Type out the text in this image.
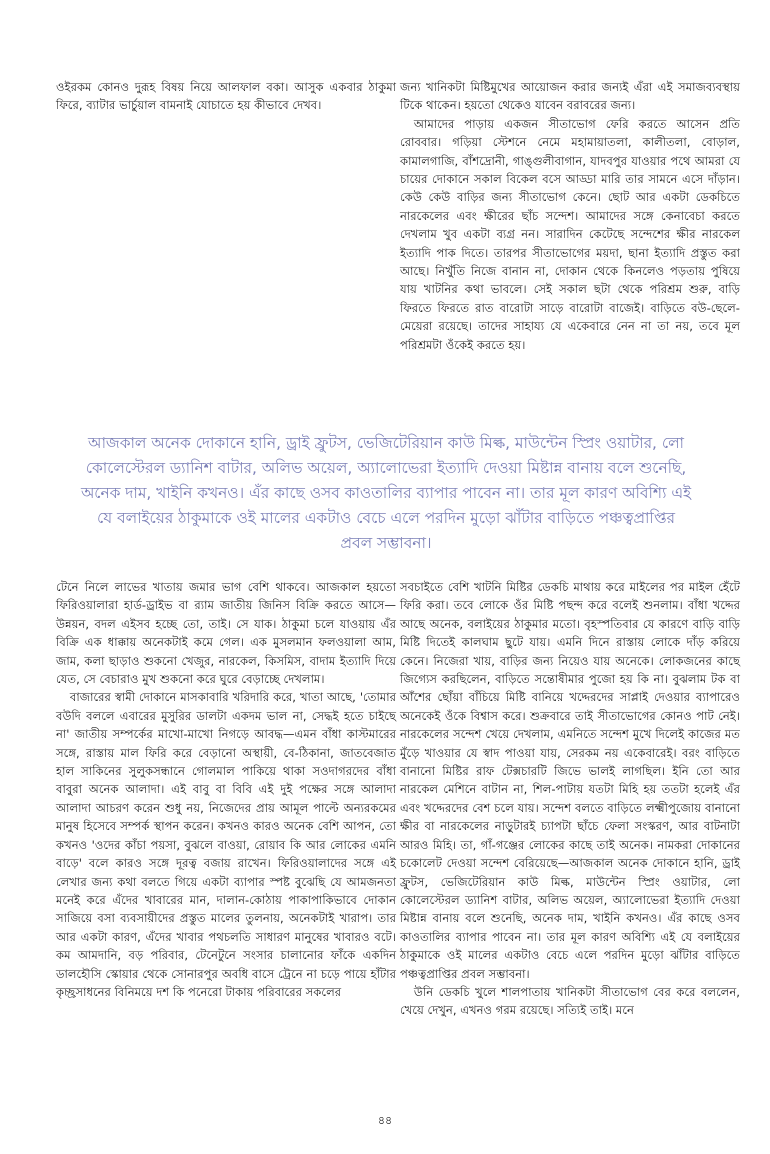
ওইরকম কোনও দুরূহ বিষয় নিয়ে আলফাল বকা। আসুক একবার ঠাকুমা ফিরে, ব্যাটার ভার্চুয়াল বামনাই যোচাতে হয় কীভাবে দেখব।

জন্য খানিকটা মিষ্টিমুখের আয়োজন করার জন্যই এঁরা এই সমাজব্যবস্থায় টিকে থাকেন। হয়তো থেকেও যাবেন বরাবরের জন্য।

আমাদের পাড়ায় একজন সীতাভোগ ফেরি করতে আসেন প্রতি রোববার। গড়িয়া স্টেশনে নেমে মহামায়াতলা, কালীতলা, বোড়াল, কামালগাজি, বাঁশদ্রোনী, গাঙ্গুলীবাগান, যাদবপুর যাওয়ার পথে আমরা যে চায়ের দোকানে সকাল বিকেল বসে আড্ডা মারি তার সামনে এসে দাঁড়ান। কেউ কেউ বাড়ির জন্য সীতাভোগ কেনে। ছোট আর একটা ডেকচিতে নারকেলের এবং ক্ষীরের ছাঁচ সন্দেশ। আমাদের সঙ্গে কেনাবেচা করতে দেখলাম খুব একটা ব্যগ্র নন। সারাদিন কেটেছে সন্দেশের ক্ষীর নারকেল ইত্যাদি পাক দিতে। তারপর সীতাভোগের ময়দা, ছানা ইত্যাদি প্রস্তুত করা আছে। নিখুঁতি নিজে বানান না, দোকান থেকে কিনলেও পড়তায় পুষিয়ে যায় খাটনির কথা ভাবলে। সেই সকাল ছটা থেকে পরিশ্রম শুরু, বাড়ি ফিরতে ফিরতে রাত বারোটা সাড়ে বারোটা বাজেই। বাড়িতে বউ-ছেলে-মেয়েরা রয়েছে। তাদের সাহায্য যে একেবারে নেন না তা নয়, তবে মূল পরিশ্রমটা ওঁকেই করতে হয়।

আজকাল অনেক দোকানে হানি, ড্রাই ফ্রুটস, ভেজিটেরিয়ান কাউ মিল্ক, মাউন্টেন স্প্রিং ওয়াটার, লো কোলেস্টেরল ড্যানিশ বাটার, অলিভ অয়েল, অ্যালোভেরা ইত্যাদি দেওয়া মিষ্টান্ন বানায় বলে শুনেছি, অনেক দাম, খাইনি কখনও। এঁর কাছে ওসব কাওতালির ব্যাপার পাবেন না। তার মূল কারণ অবিশ্যি এই যে বলাইয়ের ঠাকুমাকে ওই মালের একটাও বেচে এলে পরদিন মুড়ো ঝাঁটার বাড়িতে পঞ্চত্বপ্রাপ্তির প্রবল সম্ভাবনা।

টেনে নিলে লাভের খাতায় জমার ভাগ বেশি থাকবে। আজকাল হয়তো ফিরিওয়ালারা হার্ড-ড্রাইভ বা র‍্যাম জাতীয় জিনিস বিক্রি করতে আসে—উন্নয়ন, বদল এইসব হচ্ছে তো, তাই। সে যাক। ঠাকুমা চলে যাওয়ায় এঁর বিক্রি এক ধাক্কায় অনেকটাই কমে গেল। এক মুসলমান ফলওয়ালা আম, জাম, কলা ছাড়াও শুকনো খেজুর, নারকেল, কিসমিস, বাদাম ইত্যাদি দিয়ে যেত, সে বেচারাও মুখ শুকনো করে ঘুরে বেড়াচ্ছে দেখলাম।

বাজারের স্বামী দোকানে মাসকাবারি খরিদারি করে, খাতা আছে, 'তোমার বউদি বললে এবারের মুসুরির ডালটা একদম ভাল না, সেদ্ধই হতে চাইছে না' জাতীয় সম্পর্কের মাখো-মাখো নিগড়ে আবদ্ধ—এমন বাঁধা কাস্টমারের সঙ্গে, রাস্তায় মাল ফিরি করে বেড়ানো অস্থায়ী, বে-ঠিকানা, জাতবেজাত হাল সাকিনের সুলুকসন্ধানে গোলমাল পাকিয়ে থাকা সওদাগরদের বাঁধা বাবুরা অনেক আলাদা। এই বাবু বা বিবি এই দুই পক্ষের সঙ্গে আলাদা আলাদা আচরণ করেন শুধু নয়, নিজেদের প্রায় আমূল পাল্টে অন্যরকমের মানুষ হিসেবে সম্পর্ক স্থাপন করেন। কখনও কারও অনেক বেশি আপন, তো কখনও 'ওদের কাঁচা পয়সা, বুঝলে বাওয়া, রোয়াব কি আর লোকের এমনি বাড়ে' বলে কারও সঙ্গে দূরত্ব বজায় রাখেন। ফিরিওয়ালাদের সঙ্গে এই লেখার জন্য কথা বলতে গিয়ে একটা ব্যাপার স্পষ্ট বুঝেছি যে আমজনতা মনেই করে এঁদের খাবারের মান, দালান-কোঠায় পাকাপাকিভাবে দোকান সাজিয়ে বসা ব্যবসায়ীদের প্রস্তুত মালের তুলনায়, অনেকটাই খারাপ। তার আর একটা কারণ, এঁদের খাবার পথচলতি সাধারণ মানুষের খাবারও বটে। কম আমদানি, বড় পরিবার, টেনেটুনে সংসার চালানোর ফাঁকে একদিন ডালহৌসি স্কোয়ার থেকে সোনারপুর অবধি বাসে ট্রেনে না চড়ে পায়ে হাঁটার কৃচ্ছ্রসাধনের বিনিময়ে দশ কি পনেরো টাকায় পরিবারের সকলের

সবচাইতে বেশি খাটনি মিষ্টির ডেকচি মাথায় করে মাইলের পর মাইল হেঁটে ফিরি করা। তবে লোকে ওঁর মিষ্টি পছন্দ করে বলেই শুনলাম। বাঁধা খদ্দের আছে অনেক, বলাইয়ের ঠাকুমার মতো। বৃহস্পতিবার যে কারণে বাড়ি বাড়ি মিষ্টি দিতেই কালঘাম ছুটে যায়। এমনি দিনে রাস্তায় লোকে দাঁড় করিয়ে কেনে। নিজেরা খায়, বাড়ির জন্য নিয়েও যায় অনেকে। লোকজনের কাছে জিগ্যেস করছিলেন, বাড়িতে সন্তোষীমার পুজো হয় কি না। বুঝলাম টক বা আঁশের ছোঁয়া বাঁচিয়ে মিষ্টি বানিয়ে খদ্দেরদের সাপ্লাই দেওয়ার ব্যাপারেও অনেকেই ওঁকে বিশ্বাস করে। শুক্রবারে তাই সীতাভোগের কোনও পাট নেই। নারকেলের সন্দেশ খেয়ে দেখলাম, এমনিতে সন্দেশ মুখে দিলেই কাজের মত মুঁড়ে খাওয়ার যে স্বাদ পাওয়া যায়, সেরকম নয় একেবারেই। বরং বাড়িতে বানানো মিষ্টির রাফ টেক্সচারটি জিভে ভালই লাগছিল। ইনি তো আর নারকেল মেশিনে বাটান না, শিল-পাটায় যতটা মিহি হয় ততটা হলেই এঁর এবং খদ্দেরদের বেশ চলে যায়। সন্দেশ বলতে বাড়িতে লক্ষ্মীপুজোয় বানানো ক্ষীর বা নারকেলের নাড়ুটারই চ্যাপটা ছাঁচে ফেলা সংস্করণ, আর বাটনাটা আরও মিহি। তা, গাঁ-গঞ্জের লোকের কাছে তাই অনেক। নামকরা দোকানের চকোলেট দেওয়া সন্দেশ বেরিয়েছে—আজকাল অনেক দোকানে হানি, ড্রাই ফ্রুটস, ভেজিটেরিয়ান কাউ মিল্ক, মাউন্টেন স্প্রিং ওয়াটার, লো কোলেস্টেরল ড্যানিশ বাটার, অলিভ অয়েল, অ্যালোভেরা ইত্যাদি দেওয়া মিষ্টান্ন বানায় বলে শুনেছি, অনেক দাম, খাইনি কখনও। এঁর কাছে ওসব কাওতালির ব্যাপার পাবেন না। তার মূল কারণ অবিশ্যি এই যে বলাইয়ের ঠাকুমাকে ওই মালের একটাও বেচে এলে পরদিন মুড়ো ঝাঁটার বাড়িতে পঞ্চত্বপ্রাপ্তির প্রবল সম্ভাবনা।

উনি ডেকচি খুলে শালপাতায় খানিকটা সীতাভোগ বের করে বললেন, খেয়ে দেখুন, এখনও গরম রয়েছে। সত্যিই তাই। মনে

৪৪
